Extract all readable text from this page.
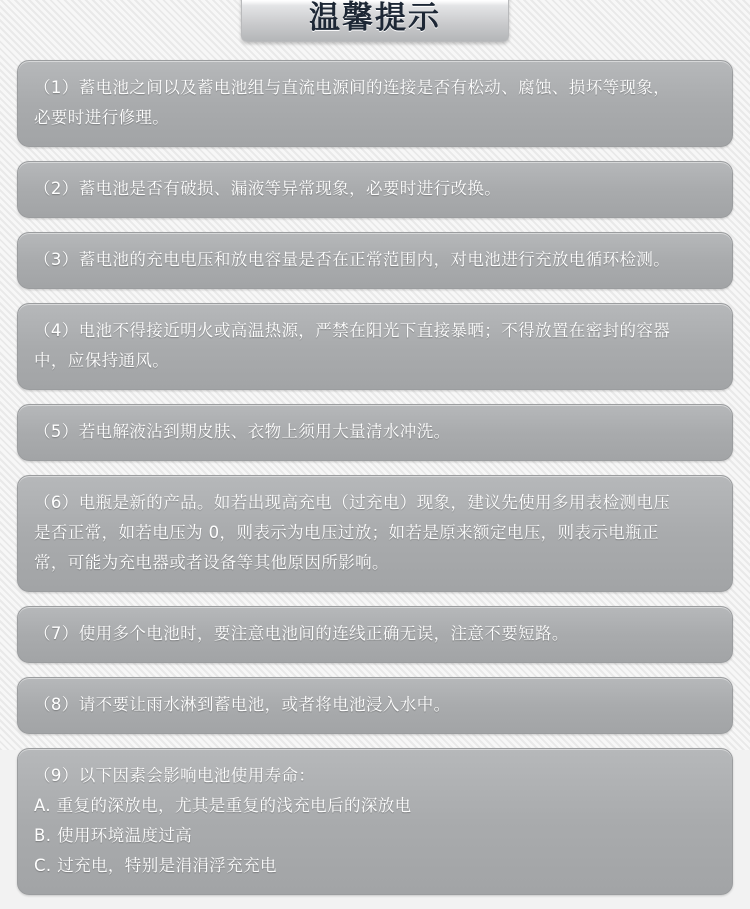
温馨提示

（1）蓄电池之间以及蓄电池组与直流电源间的连接是否有松动、腐蚀、损坏等现象，

必要时进行修理。

（2）蓄电池是否有破损、漏液等异常现象，必要时进行改换。

（3）蓄电池的充电电压和放电容量是否在正常范围内，对电池进行充放电循环检测。

（4）电池不得接近明火或高温热源，严禁在阳光下直接暴晒；不得放置在密封的容器

中，应保持通风。

（5）若电解液沾到期皮肤、衣物上须用大量清水冲洗。

（6）电瓶是新的产品。如若出现高充电（过充电）现象，建议先使用多用表检测电压

是否正常，如若电压为 0，则表示为电压过放；如若是原来额定电压，则表示电瓶正

常，可能为充电器或者设备等其他原因所影响。

（7）使用多个电池时，要注意电池间的连线正确无误，注意不要短路。

（8）请不要让雨水淋到蓄电池，或者将电池浸入水中。

（9）以下因素会影响电池使用寿命：

A. 重复的深放电，尤其是重复的浅充电后的深放电

B. 使用环境温度过高

C. 过充电，特别是涓涓浮充充电
